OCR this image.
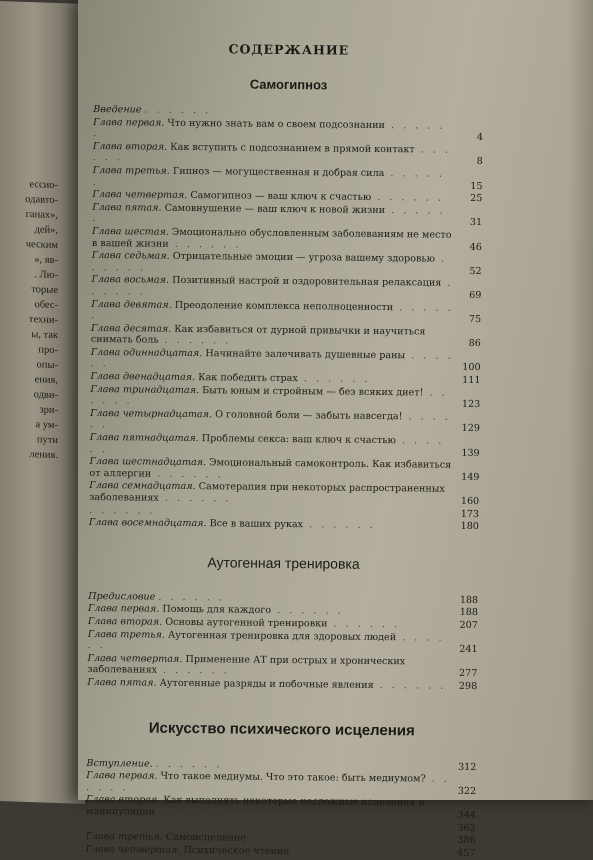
ессио-
одавто-
ганах»,
дей»,
ческим
», яв-
. Лю-
торые
обес-
техни-
ы, так
про-
опы-
ения,
одви-
зри-
а ум-
пути
ления.
СОДЕРЖАНИЕ
Самогипноз
Введение . . . . . .
Глава первая. Что нужно знать вам о своем подсознании . . . . . .	4
Глава вторая. Как вступить с подсознанием в прямой контакт . . . . . .	8
Глава третья. Гипноз — могущественная и добрая сила . . . . . .	15
Глава четвертая. Самогипноз — ваш ключ к счастью . . . . . .	25
Глава пятая. Самовнушение — ваш ключ к новой жизни . . . . . .	31
Глава шестая. Эмоционально обусловленным заболеваниям не место в вашей жизни . . . . . .	46
Глава седьмая. Отрицательные эмоции — угроза вашему здоровью . . . . . .	52
Глава восьмая. Позитивный настрой и оздоровительная релаксация . . . . . .	69
Глава девятая. Преодоление комплекса неполноценности . . . . . .	75
Глава десятая. Как избавиться от дурной привычки и научиться снимать боль . . . . . .	86
Глава одиннадцатая. Начинайте залечивать душевные раны . . . . . .	100
Глава двенадцатая. Как победить страх . . . . . .	111
Глава тринадцатая. Быть юным и стройным — без всяких диет! . . . . . .	123
Глава четырнадцатая. О головной боли — забыть навсегда! . . . . . .	129
Глава пятнадцатая. Проблемы секса: ваш ключ к счастью . . . . . .	139
Глава шестнадцатая. Эмоциональный самоконтроль. Как избавиться от аллергии . . . . . .	149
Глава семнадцатая. Самотерапия при некоторых распространенных заболеваниях . . . . . .	160
. . . . . .	173
Глава восемнадцатая. Все в ваших руках . . . . . .	180
Аутогенная тренировка
Предисловие . . . . . .	188
Глава первая. Помощь для каждого . . . . . .	188
Глава вторая. Основы аутогенной тренировки . . . . . .	207
Глава третья. Аутогенная тренировка для здоровых людей . . . . . .	241
Глава четвертая. Применение АТ при острых и хронических заболеваниях . . . . . .	277
Глава пятая. Аутогенные разряды и побочные явления . . . . . . 298
Искусство психического исцеления
Вступление. . . . . . .	312
Глава первая. Что такое медиумы. Что это такое: быть медиумом? . . . . . .	322
Глава вторая. Как выполнять некоторые несложные исцеления и манипуляции . . . . . .	344
. . . . . .	362
Глава третья. Самоисцеление . . . . . .	386
Глава четвертая. Психическое чтение . . . . . .	457
